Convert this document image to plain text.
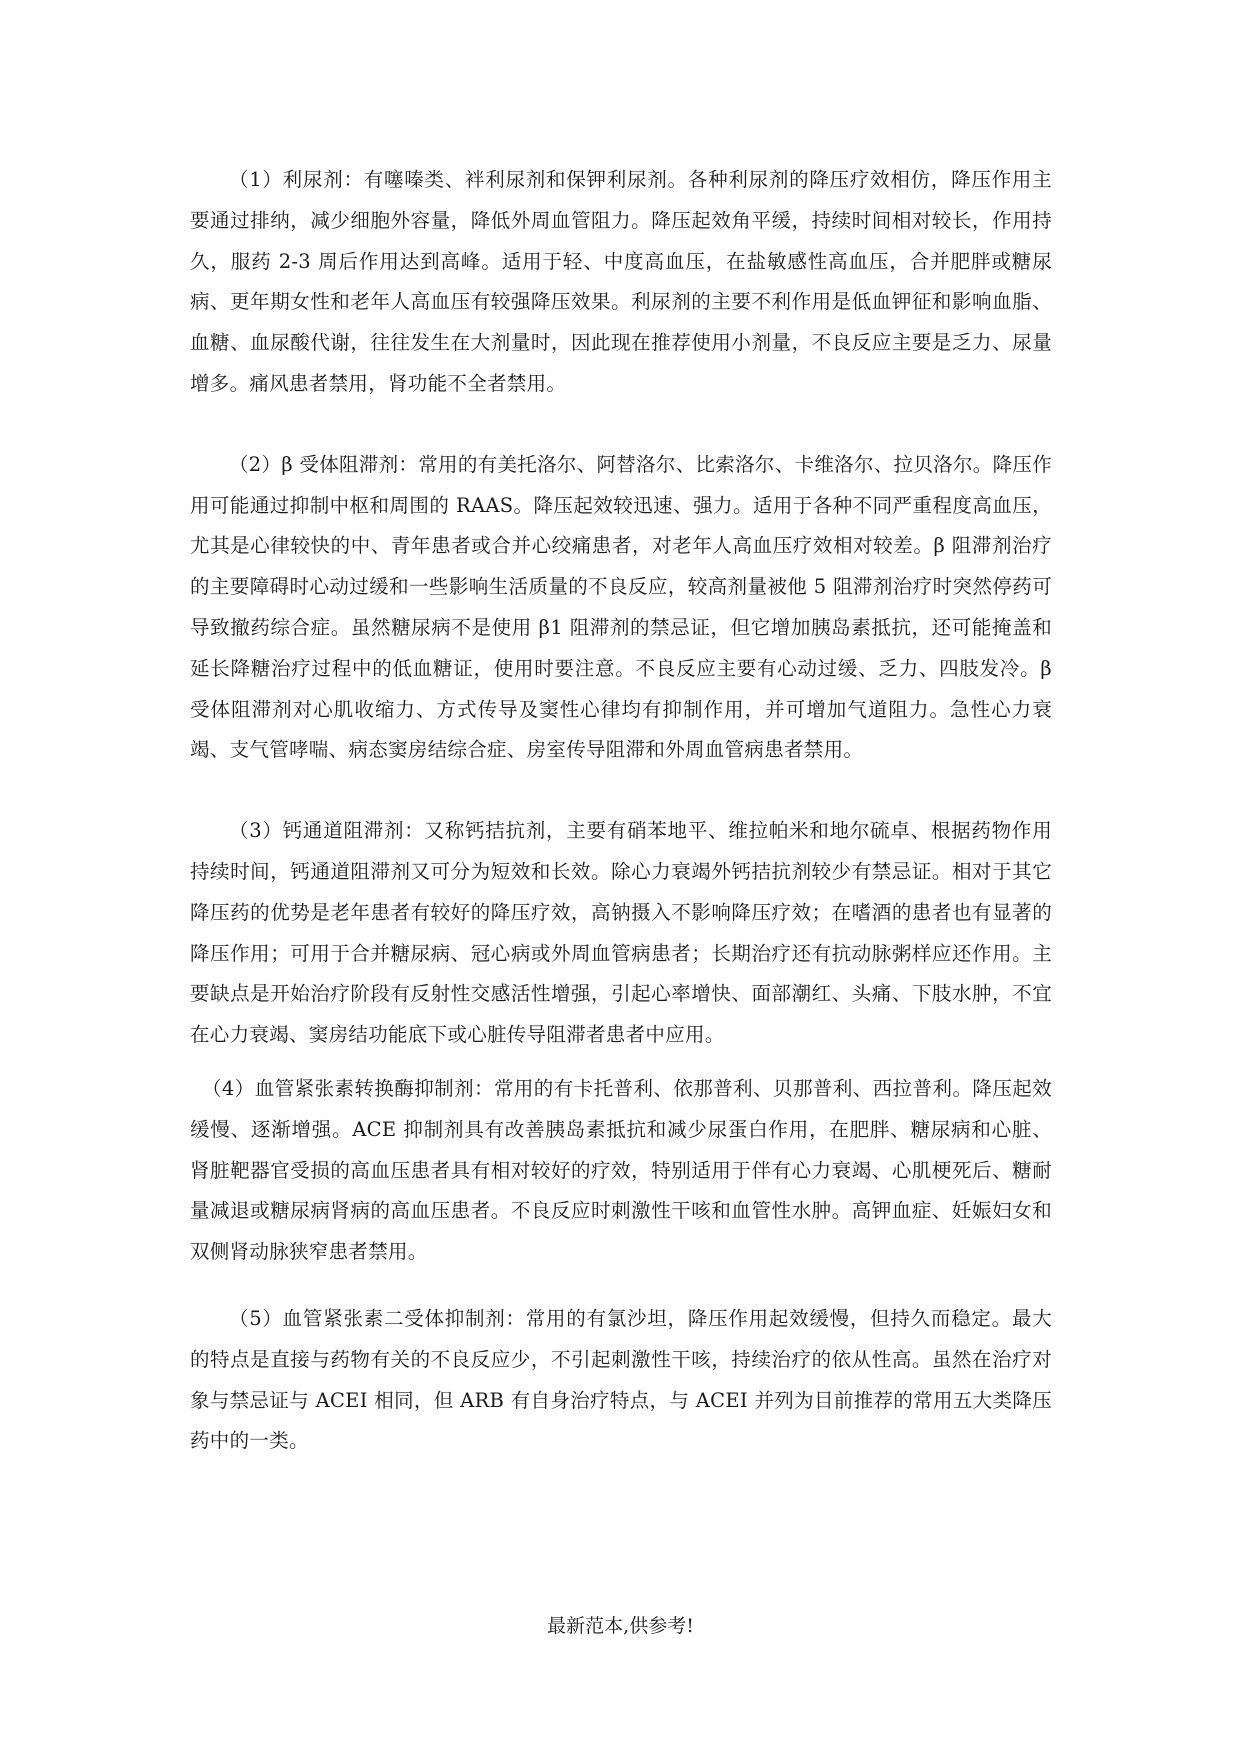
（1）利尿剂：有噻嗪类、袢利尿剂和保钾利尿剂。各种利尿剂的降压疗效相仿，降压作用主要通过排纳，减少细胞外容量，降低外周血管阻力。降压起效角平缓，持续时间相对较长，作用持久，服药 2-3 周后作用达到高峰。适用于轻、中度高血压，在盐敏感性高血压，合并肥胖或糖尿病、更年期女性和老年人高血压有较强降压效果。利尿剂的主要不利作用是低血钾征和影响血脂、血糖、血尿酸代谢，往往发生在大剂量时，因此现在推荐使用小剂量，不良反应主要是乏力、尿量增多。痛风患者禁用，肾功能不全者禁用。

（2）β 受体阻滞剂：常用的有美托洛尔、阿替洛尔、比索洛尔、卡维洛尔、拉贝洛尔。降压作用可能通过抑制中枢和周围的 RAAS。降压起效较迅速、强力。适用于各种不同严重程度高血压，尤其是心律较快的中、青年患者或合并心绞痛患者，对老年人高血压疗效相对较差。β 阻滞剂治疗的主要障碍时心动过缓和一些影响生活质量的不良反应，较高剂量被他 5 阻滞剂治疗时突然停药可导致撤药综合症。虽然糖尿病不是使用 β1 阻滞剂的禁忌证，但它增加胰岛素抵抗，还可能掩盖和延长降糖治疗过程中的低血糖证，使用时要注意。不良反应主要有心动过缓、乏力、四肢发冷。β 受体阻滞剂对心肌收缩力、方式传导及窦性心律均有抑制作用，并可增加气道阻力。急性心力衰竭、支气管哮喘、病态窦房结综合症、房室传导阻滞和外周血管病患者禁用。

（3）钙通道阻滞剂：又称钙拮抗剂，主要有硝苯地平、维拉帕米和地尔硫卓、根据药物作用持续时间，钙通道阻滞剂又可分为短效和长效。除心力衰竭外钙拮抗剂较少有禁忌证。相对于其它降压药的优势是老年患者有较好的降压疗效，高钠摄入不影响降压疗效；在嗜酒的患者也有显著的降压作用；可用于合并糖尿病、冠心病或外周血管病患者；长期治疗还有抗动脉粥样应还作用。主要缺点是开始治疗阶段有反射性交感活性增强，引起心率增快、面部潮红、头痛、下肢水肿，不宜在心力衰竭、窦房结功能底下或心脏传导阻滞者患者中应用。

（4）血管紧张素转换酶抑制剂：常用的有卡托普利、依那普利、贝那普利、西拉普利。降压起效缓慢、逐渐增强。ACE 抑制剂具有改善胰岛素抵抗和减少尿蛋白作用，在肥胖、糖尿病和心脏、肾脏靶器官受损的高血压患者具有相对较好的疗效，特别适用于伴有心力衰竭、心肌梗死后、糖耐量减退或糖尿病肾病的高血压患者。不良反应时刺激性干咳和血管性水肿。高钾血症、妊娠妇女和双侧肾动脉狭窄患者禁用。

（5）血管紧张素二受体抑制剂：常用的有氯沙坦，降压作用起效缓慢，但持久而稳定。最大的特点是直接与药物有关的不良反应少，不引起刺激性干咳，持续治疗的依从性高。虽然在治疗对象与禁忌证与 ACEI 相同，但 ARB 有自身治疗特点，与 ACEI 并列为目前推荐的常用五大类降压药中的一类。

最新范本,供参考!
